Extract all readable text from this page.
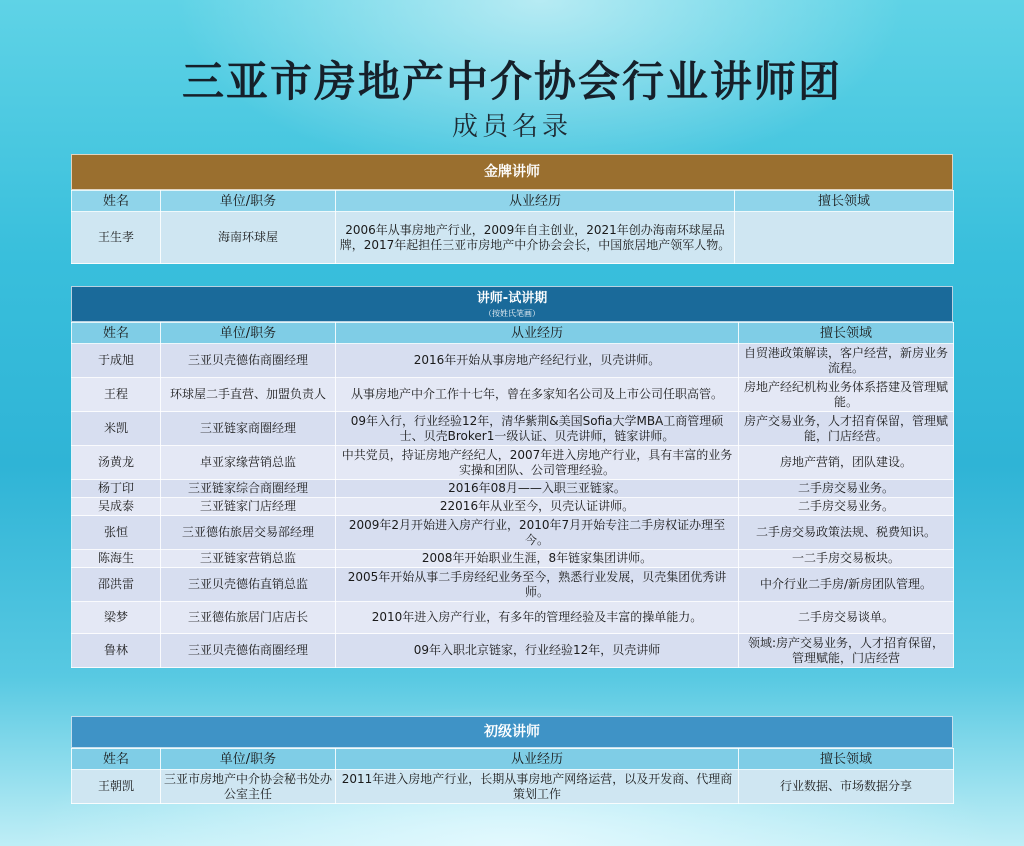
三亚市房地产中介协会行业讲师团
成员名录
金牌讲师
姓名	单位/职务	从业经历	擅长领域
王生孝	海南环球屋	2006年从事房地产行业，2009年自主创业，2021年创办海南环球屋品牌，2017年起担任三亚市房地产中介协会会长，中国旅居地产领军人物。	
讲师-试讲期
（按姓氏笔画）
姓名	单位/职务	从业经历	擅长领域
于成旭	三亚贝壳德佑商圈经理	2016年开始从事房地产经纪行业，贝壳讲师。	自贸港政策解读，客户经营，新房业务流程。
王程	环球屋二手直营、加盟负责人	从事房地产中介工作十七年，曾在多家知名公司及上市公司任职高管。	房地产经纪机构业务体系搭建及管理赋能。
米凯	三亚链家商圈经理	09年入行，行业经验12年，清华紫荆&美国Sofia大学MBA工商管理硕士、贝壳Broker1一级认证、贝壳讲师，链家讲师。	房产交易业务，人才招育保留，管理赋能，门店经营。
汤黄龙	卓亚家缘营销总监	中共党员，持证房地产经纪人，2007年进入房地产行业，具有丰富的业务实操和团队、公司管理经验。	房地产营销，团队建设。
杨丁印	三亚链家综合商圈经理	2016年08月——入职三亚链家。	二手房交易业务。
吴成泰	三亚链家门店经理	22016年从业至今，贝壳认证讲师。	二手房交易业务。
张恒	三亚德佑旅居交易部经理	2009年2月开始进入房产行业，2010年7月开始专注二手房权证办理至今。	二手房交易政策法规、税费知识。
陈海生	三亚链家营销总监	2008年开始职业生涯，8年链家集团讲师。	一二手房交易板块。
邵洪雷	三亚贝壳德佑直销总监	2005年开始从事二手房经纪业务至今，熟悉行业发展，贝壳集团优秀讲师。	中介行业二手房/新房团队管理。
梁梦	三亚德佑旅居门店店长	2010年进入房产行业，有多年的管理经验及丰富的操单能力。	二手房交易谈单。
鲁林	三亚贝壳德佑商圈经理	09年入职北京链家，行业经验12年，贝壳讲师	领域:房产交易业务，人才招育保留，管理赋能，门店经营
初级讲师
姓名	单位/职务	从业经历	擅长领域
王朝凯	三亚市房地产中介协会秘书处办公室主任	2011年进入房地产行业，长期从事房地产网络运营，以及开发商、代理商策划工作	行业数据、市场数据分享
